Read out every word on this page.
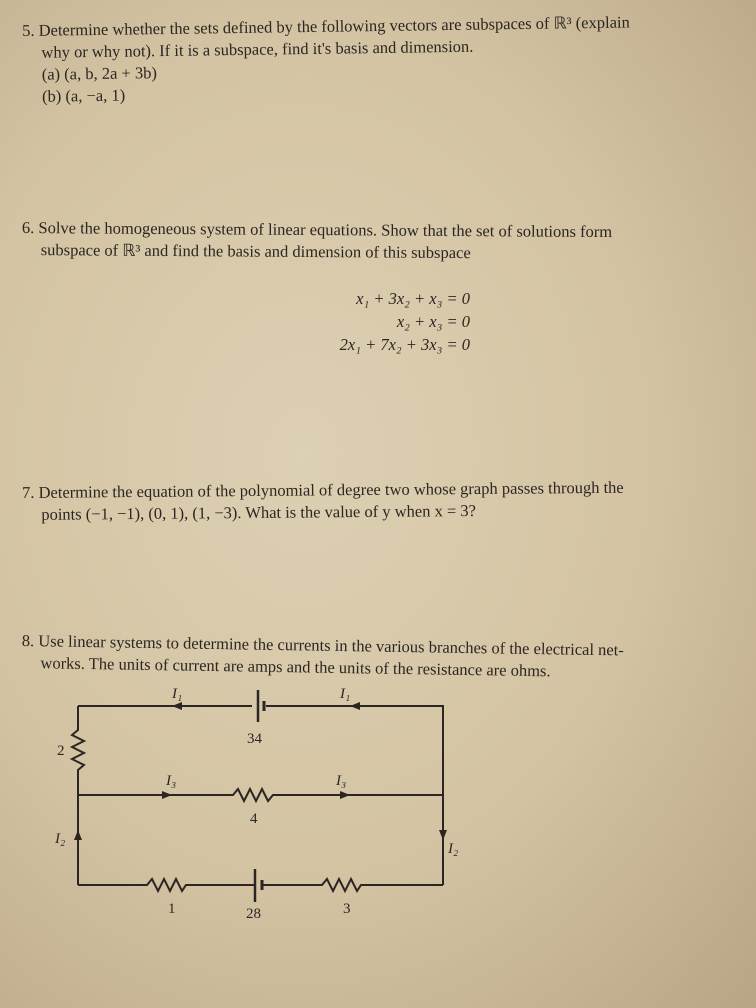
5. Determine whether the sets defined by the following vectors are subspaces of ℝ³ (explain

why or why not). If it is a subspace, find it's basis and dimension.

(a) (a, b, 2a + 3b)

(b) (a, −a, 1)

6. Solve the homogeneous system of linear equations. Show that the set of solutions form

subspace of ℝ³ and find the basis and dimension of this subspace

x₁ + 3x₂ + x₃ = 0
x₂ + x₃ = 0
2x₁ + 7x₂ + 3x₃ = 0

7. Determine the equation of the polynomial of degree two whose graph passes through the

points (−1, −1), (0, 1), (1, −3). What is the value of y when x = 3?

8. Use linear systems to determine the currents in the various branches of the electrical net-

works. The units of current are amps and the units of the resistance are ohms.

I₁	I₁
34
2
I₃	I₃
4
I₂
I₂
1	28	3
